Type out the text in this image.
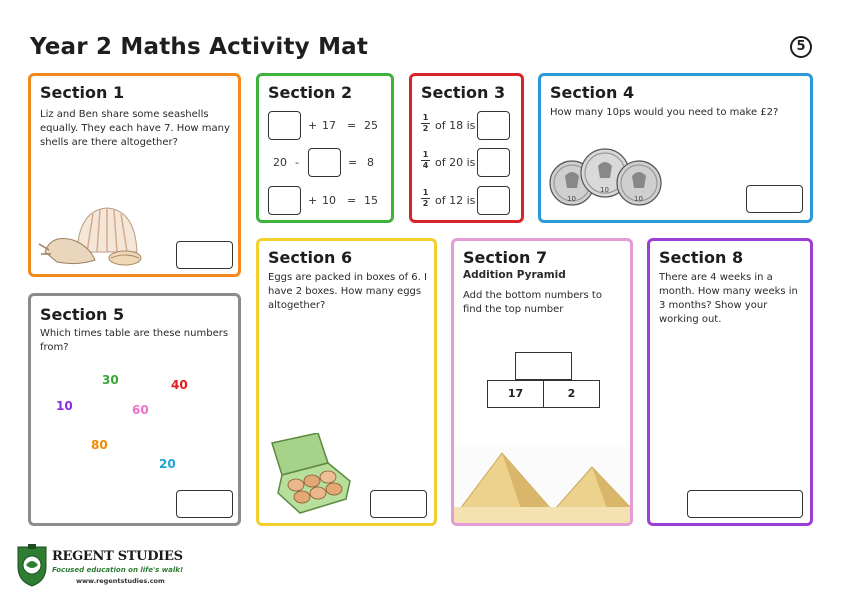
Year 2 Maths Activity Mat	5
Section 1
Liz and Ben share some seashells equally. They each have 7. How many shells are there altogether?
Section 2
+ 17 = 25
20 -	= 8
+ 10 = 15
Section 3
$\frac{1}{2}$ of 18 is
$\frac{1}{4}$ of 20 is
$\frac{1}{2}$ of 12 is
Section 4
How many 10ps would you need to make £2?
10
10
10
Section 5
Which times table are these numbers from?
30	40
10	60
80
20
Section 6
Eggs are packed in boxes of 6. I have 2 boxes. How many eggs altogether?
Section 7
Addition Pyramid
Add the bottom numbers to find the top number
17	2
Section 8
There are 4 weeks in a month. How many weeks in 3 months? Show your working out.
REGENT STUDIES
Focused education on life's walk!
www.regentstudies.com
